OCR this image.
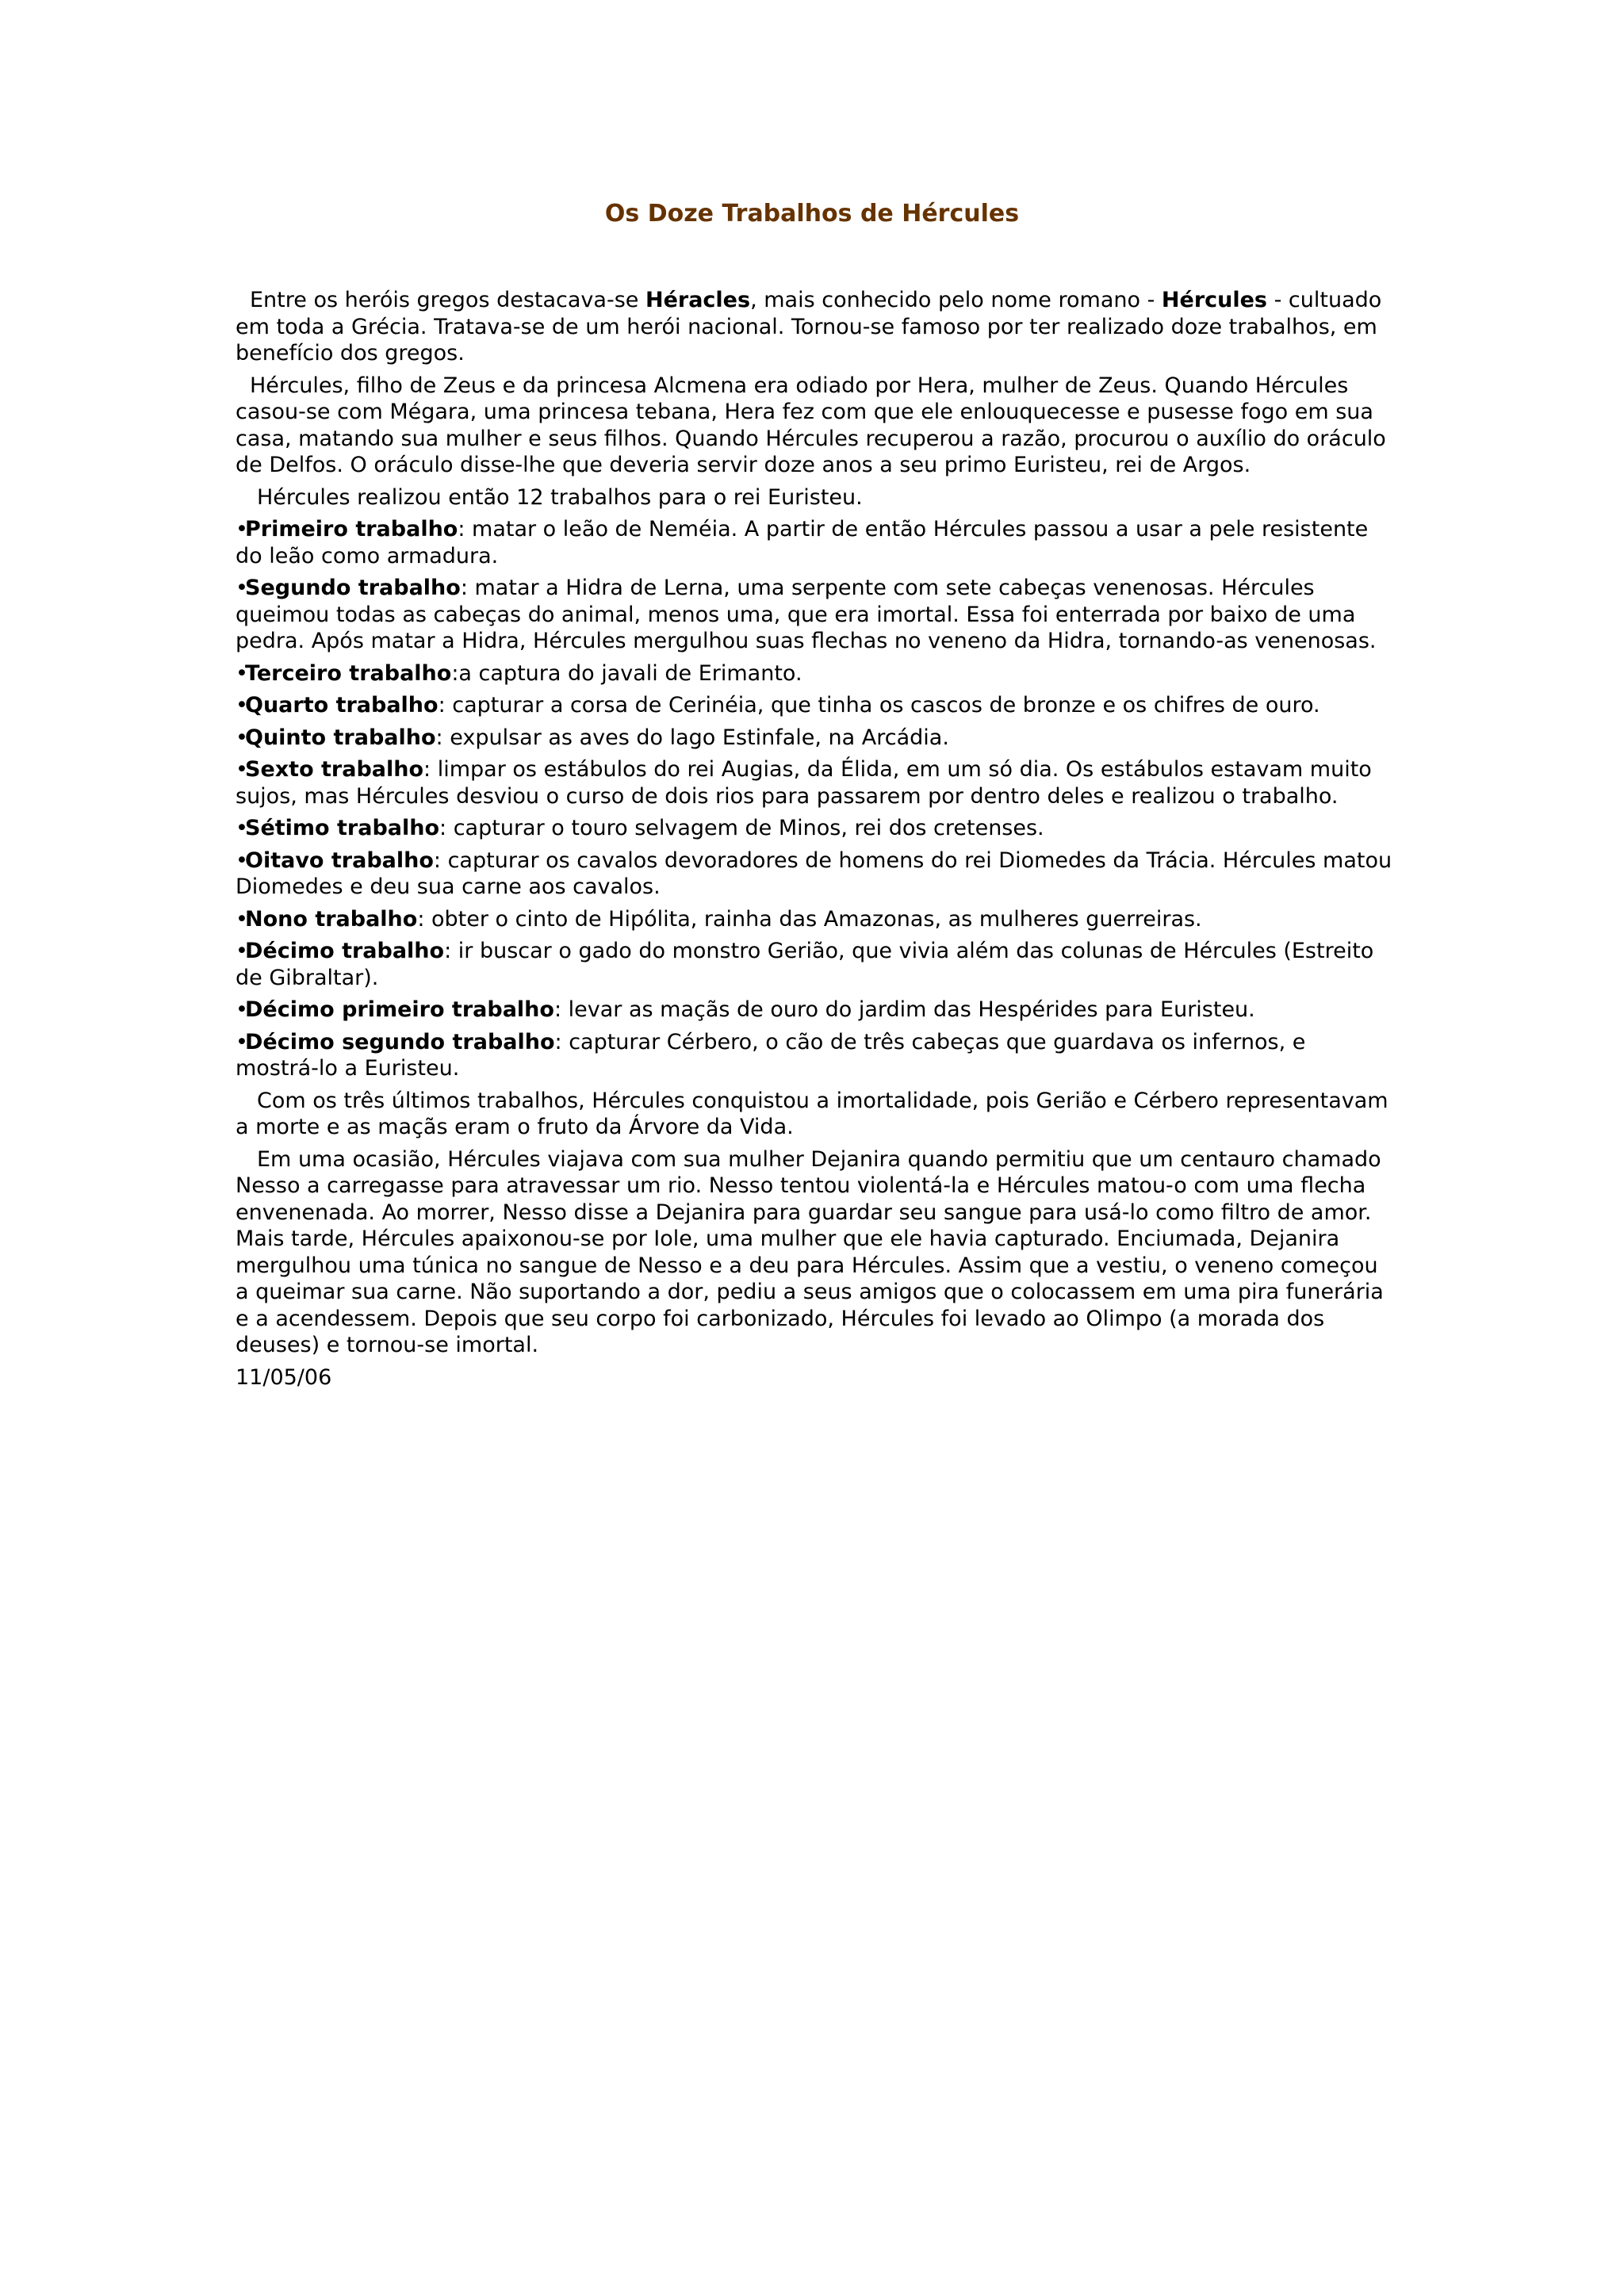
Os Doze Trabalhos de Hércules

Entre os heróis gregos destacava-se Héracles, mais conhecido pelo nome romano - Hércules - cultuado em toda a Grécia. Tratava-se de um herói nacional. Tornou-se famoso por ter realizado doze trabalhos, em benefício dos gregos.

Hércules, filho de Zeus e da princesa Alcmena era odiado por Hera, mulher de Zeus. Quando Hércules casou-se com Mégara, uma princesa tebana, Hera fez com que ele enlouquecesse e pusesse fogo em sua casa, matando sua mulher e seus filhos. Quando Hércules recuperou a razão, procurou o auxílio do oráculo de Delfos. O oráculo disse-lhe que deveria servir doze anos a seu primo Euristeu, rei de Argos.

Hércules realizou então 12 trabalhos para o rei Euristeu.

•Primeiro trabalho: matar o leão de Neméia. A partir de então Hércules passou a usar a pele resistente do leão como armadura.

•Segundo trabalho: matar a Hidra de Lerna, uma serpente com sete cabeças venenosas. Hércules queimou todas as cabeças do animal, menos uma, que era imortal. Essa foi enterrada por baixo de uma pedra. Após matar a Hidra, Hércules mergulhou suas flechas no veneno da Hidra, tornando-as venenosas.

•Terceiro trabalho:a captura do javali de Erimanto.

•Quarto trabalho: capturar a corsa de Cerinéia, que tinha os cascos de bronze e os chifres de ouro.

•Quinto trabalho: expulsar as aves do lago Estinfale, na Arcádia.

•Sexto trabalho: limpar os estábulos do rei Augias, da Élida, em um só dia. Os estábulos estavam muito sujos, mas Hércules desviou o curso de dois rios para passarem por dentro deles e realizou o trabalho.

•Sétimo trabalho: capturar o touro selvagem de Minos, rei dos cretenses.

•Oitavo trabalho: capturar os cavalos devoradores de homens do rei Diomedes da Trácia. Hércules matou Diomedes e deu sua carne aos cavalos.

•Nono trabalho: obter o cinto de Hipólita, rainha das Amazonas, as mulheres guerreiras.

•Décimo trabalho: ir buscar o gado do monstro Gerião, que vivia além das colunas de Hércules (Estreito de Gibraltar).

•Décimo primeiro trabalho: levar as maçãs de ouro do jardim das Hespérides para Euristeu.

•Décimo segundo trabalho: capturar Cérbero, o cão de três cabeças que guardava os infernos, e mostrá-lo a Euristeu.

Com os três últimos trabalhos, Hércules conquistou a imortalidade, pois Gerião e Cérbero representavam a morte e as maçãs eram o fruto da Árvore da Vida.

Em uma ocasião, Hércules viajava com sua mulher Dejanira quando permitiu que um centauro chamado Nesso a carregasse para atravessar um rio. Nesso tentou violentá-la e Hércules matou-o com uma flecha envenenada. Ao morrer, Nesso disse a Dejanira para guardar seu sangue para usá-lo como filtro de amor. Mais tarde, Hércules apaixonou-se por Iole, uma mulher que ele havia capturado. Enciumada, Dejanira mergulhou uma túnica no sangue de Nesso e a deu para Hércules. Assim que a vestiu, o veneno começou a queimar sua carne. Não suportando a dor, pediu a seus amigos que o colocassem em uma pira funerária e a acendessem. Depois que seu corpo foi carbonizado, Hércules foi levado ao Olimpo (a morada dos deuses) e tornou-se imortal.

11/05/06
